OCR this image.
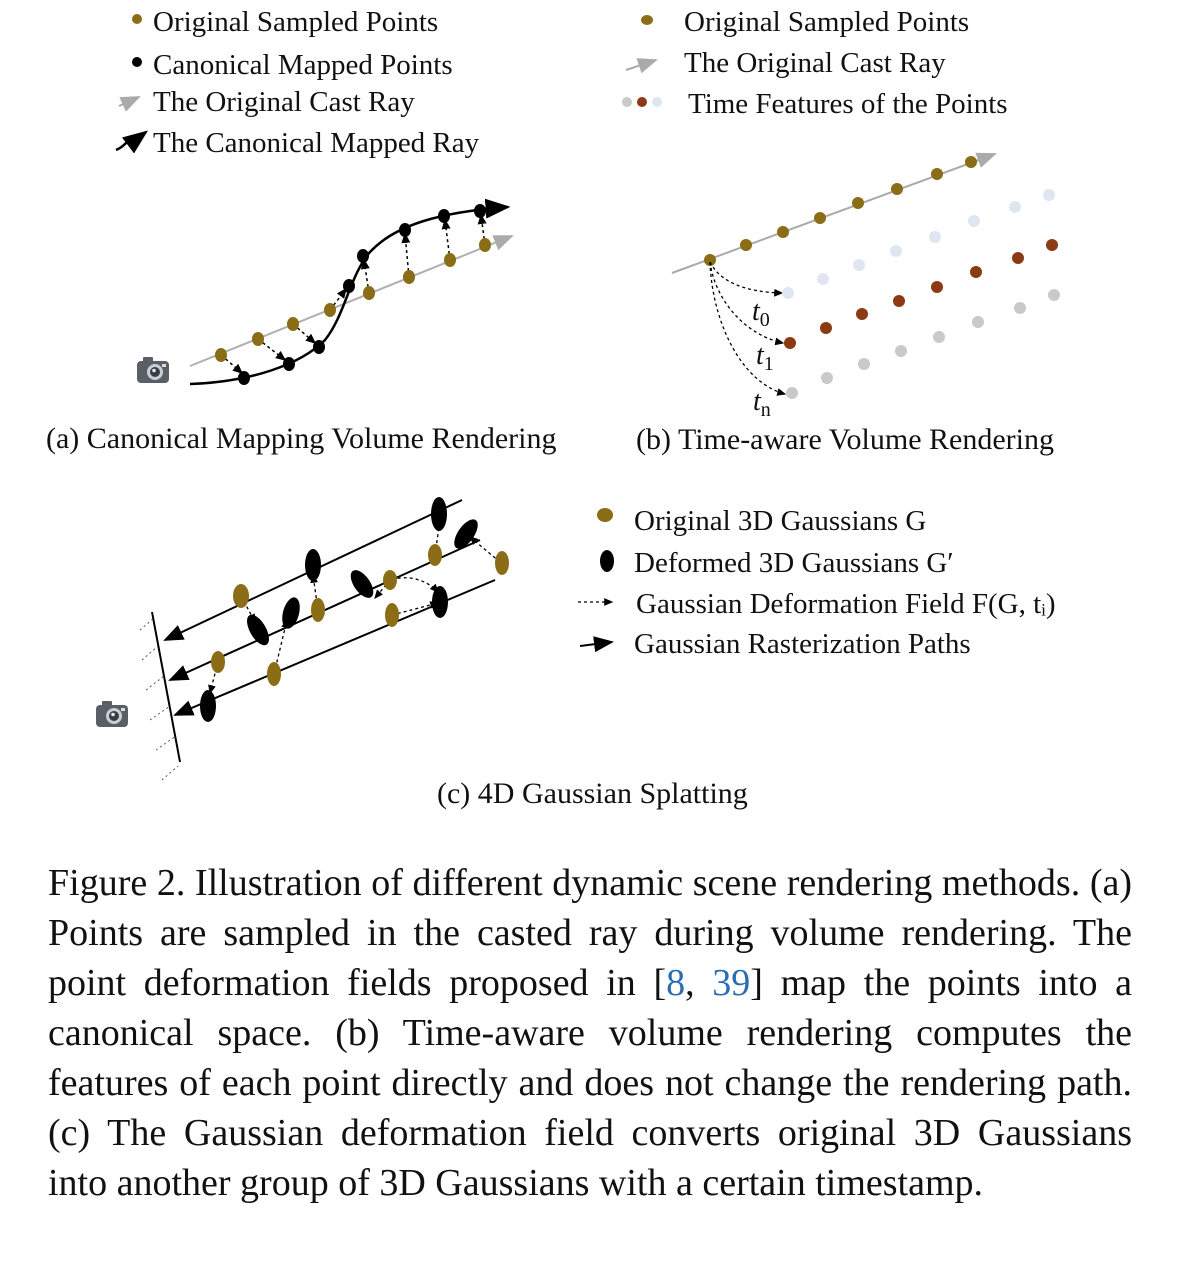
Original Sampled Points
Canonical Mapped Points
The Original Cast Ray
The Canonical Mapped Ray
(a) Canonical Mapping Volume Rendering
Original Sampled Points
The Original Cast Ray
Time Features of the Points
$t_0$
$t_1$
$t_n$
(b) Time-aware Volume Rendering
Original 3D Gaussians G
Deformed 3D Gaussians G′
Gaussian Deformation Field F(G, tᵢ)
Gaussian Rasterization Paths
(c) 4D Gaussian Splatting

Figure 2. Illustration of different dynamic scene rendering methods. (a) Points are sampled in the casted ray during volume rendering. The point deformation fields proposed in [8, 39] map the points into a canonical space. (b) Time-aware volume rendering computes the features of each point directly and does not change the rendering path. (c) The Gaussian deformation field converts original 3D Gaussians into another group of 3D Gaussians with a certain timestamp.
